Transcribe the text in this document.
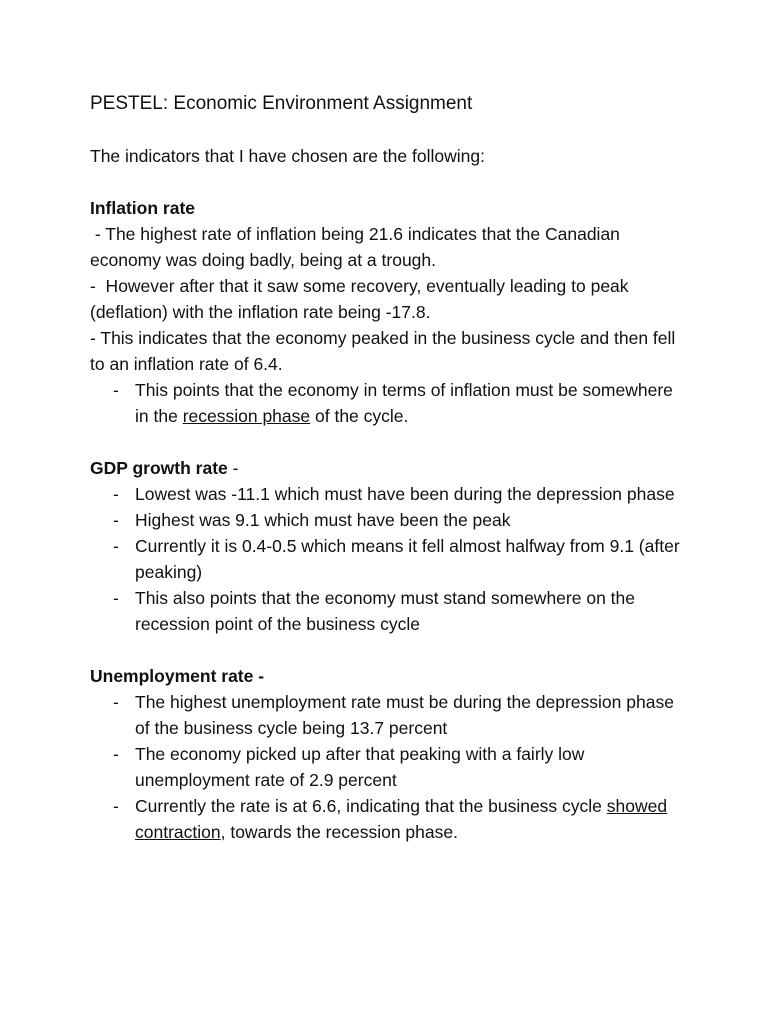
PESTEL: Economic Environment Assignment

The indicators that I have chosen are the following:

Inflation rate

- The highest rate of inflation being 21.6 indicates that the Canadian economy was doing badly, being at a trough.

-  However after that it saw some recovery, eventually leading to peak (deflation) with the inflation rate being -17.8.

- This indicates that the economy peaked in the business cycle and then fell to an inflation rate of 6.4.

- This points that the economy in terms of inflation must be somewhere in the recession phase of the cycle.

GDP growth rate -

- Lowest was -11.1 which must have been during the depression phase
- Highest was 9.1 which must have been the peak
- Currently it is 0.4-0.5 which means it fell almost halfway from 9.1 (after peaking)
- This also points that the economy must stand somewhere on the recession point of the business cycle

Unemployment rate -

- The highest unemployment rate must be during the depression phase of the business cycle being 13.7 percent
- The economy picked up after that peaking with a fairly low unemployment rate of 2.9 percent
- Currently the rate is at 6.6, indicating that the business cycle showed contraction, towards the recession phase.
